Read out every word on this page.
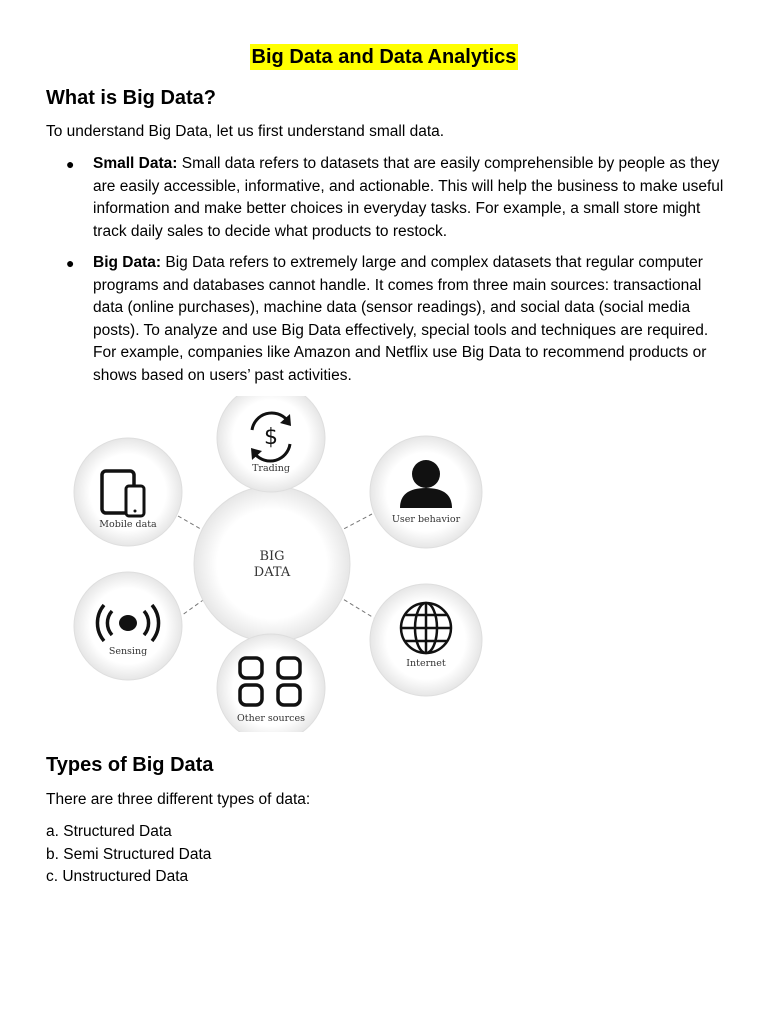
Big Data and Data Analytics
What is Big Data?

To understand Big Data, let us first understand small data.

● Small Data: Small data refers to datasets that are easily comprehensible by people as they are easily accessible, informative, and actionable. This will help the business to make useful information and make better choices in everyday tasks. For example, a small store might track daily sales to decide what products to restock.

● Big Data: Big Data refers to extremely large and complex datasets that regular computer programs and databases cannot handle. It comes from three main sources: transactional data (online purchases), machine data (sensor readings), and social data (social media posts). To analyze and use Big Data effectively, special tools and techniques are required. For example, companies like Amazon and Netflix use Big Data to recommend products or shows based on users’ past activities.

BIG
DATA
$
Trading
Mobile data	User behavior
Sensing
Internet
Other sources
Types of Big Data

There are three different types of data:

a. Structured Data

b. Semi Structured Data

c. Unstructured Data
